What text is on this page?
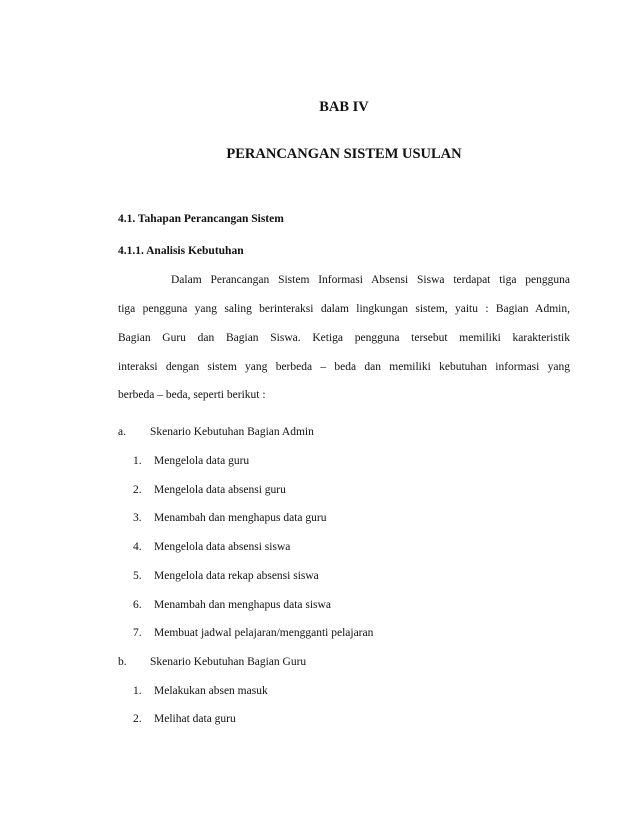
BAB IV
PERANCANGAN SISTEM USULAN
4.1. Tahapan Perancangan Sistem
4.1.1. Analisis Kebutuhan
Dalam Perancangan Sistem Informasi Absensi Siswa terdapat tiga pengguna
tiga pengguna yang saling berinteraksi dalam lingkungan sistem, yaitu : Bagian Admin,
Bagian Guru dan Bagian Siswa. Ketiga pengguna tersebut memiliki karakteristik
interaksi dengan sistem yang berbeda – beda dan memiliki kebutuhan informasi yang
berbeda – beda, seperti berikut :
a. Skenario Kebutuhan Bagian Admin
1. Mengelola data guru
2. Mengelola data absensi guru
3. Menambah dan menghapus data guru
4. Mengelola data absensi siswa
5. Mengelola data rekap absensi siswa
6. Menambah dan menghapus data siswa
7. Membuat jadwal pelajaran/mengganti pelajaran
b. Skenario Kebutuhan Bagian Guru
1. Melakukan absen masuk
2. Melihat data guru
